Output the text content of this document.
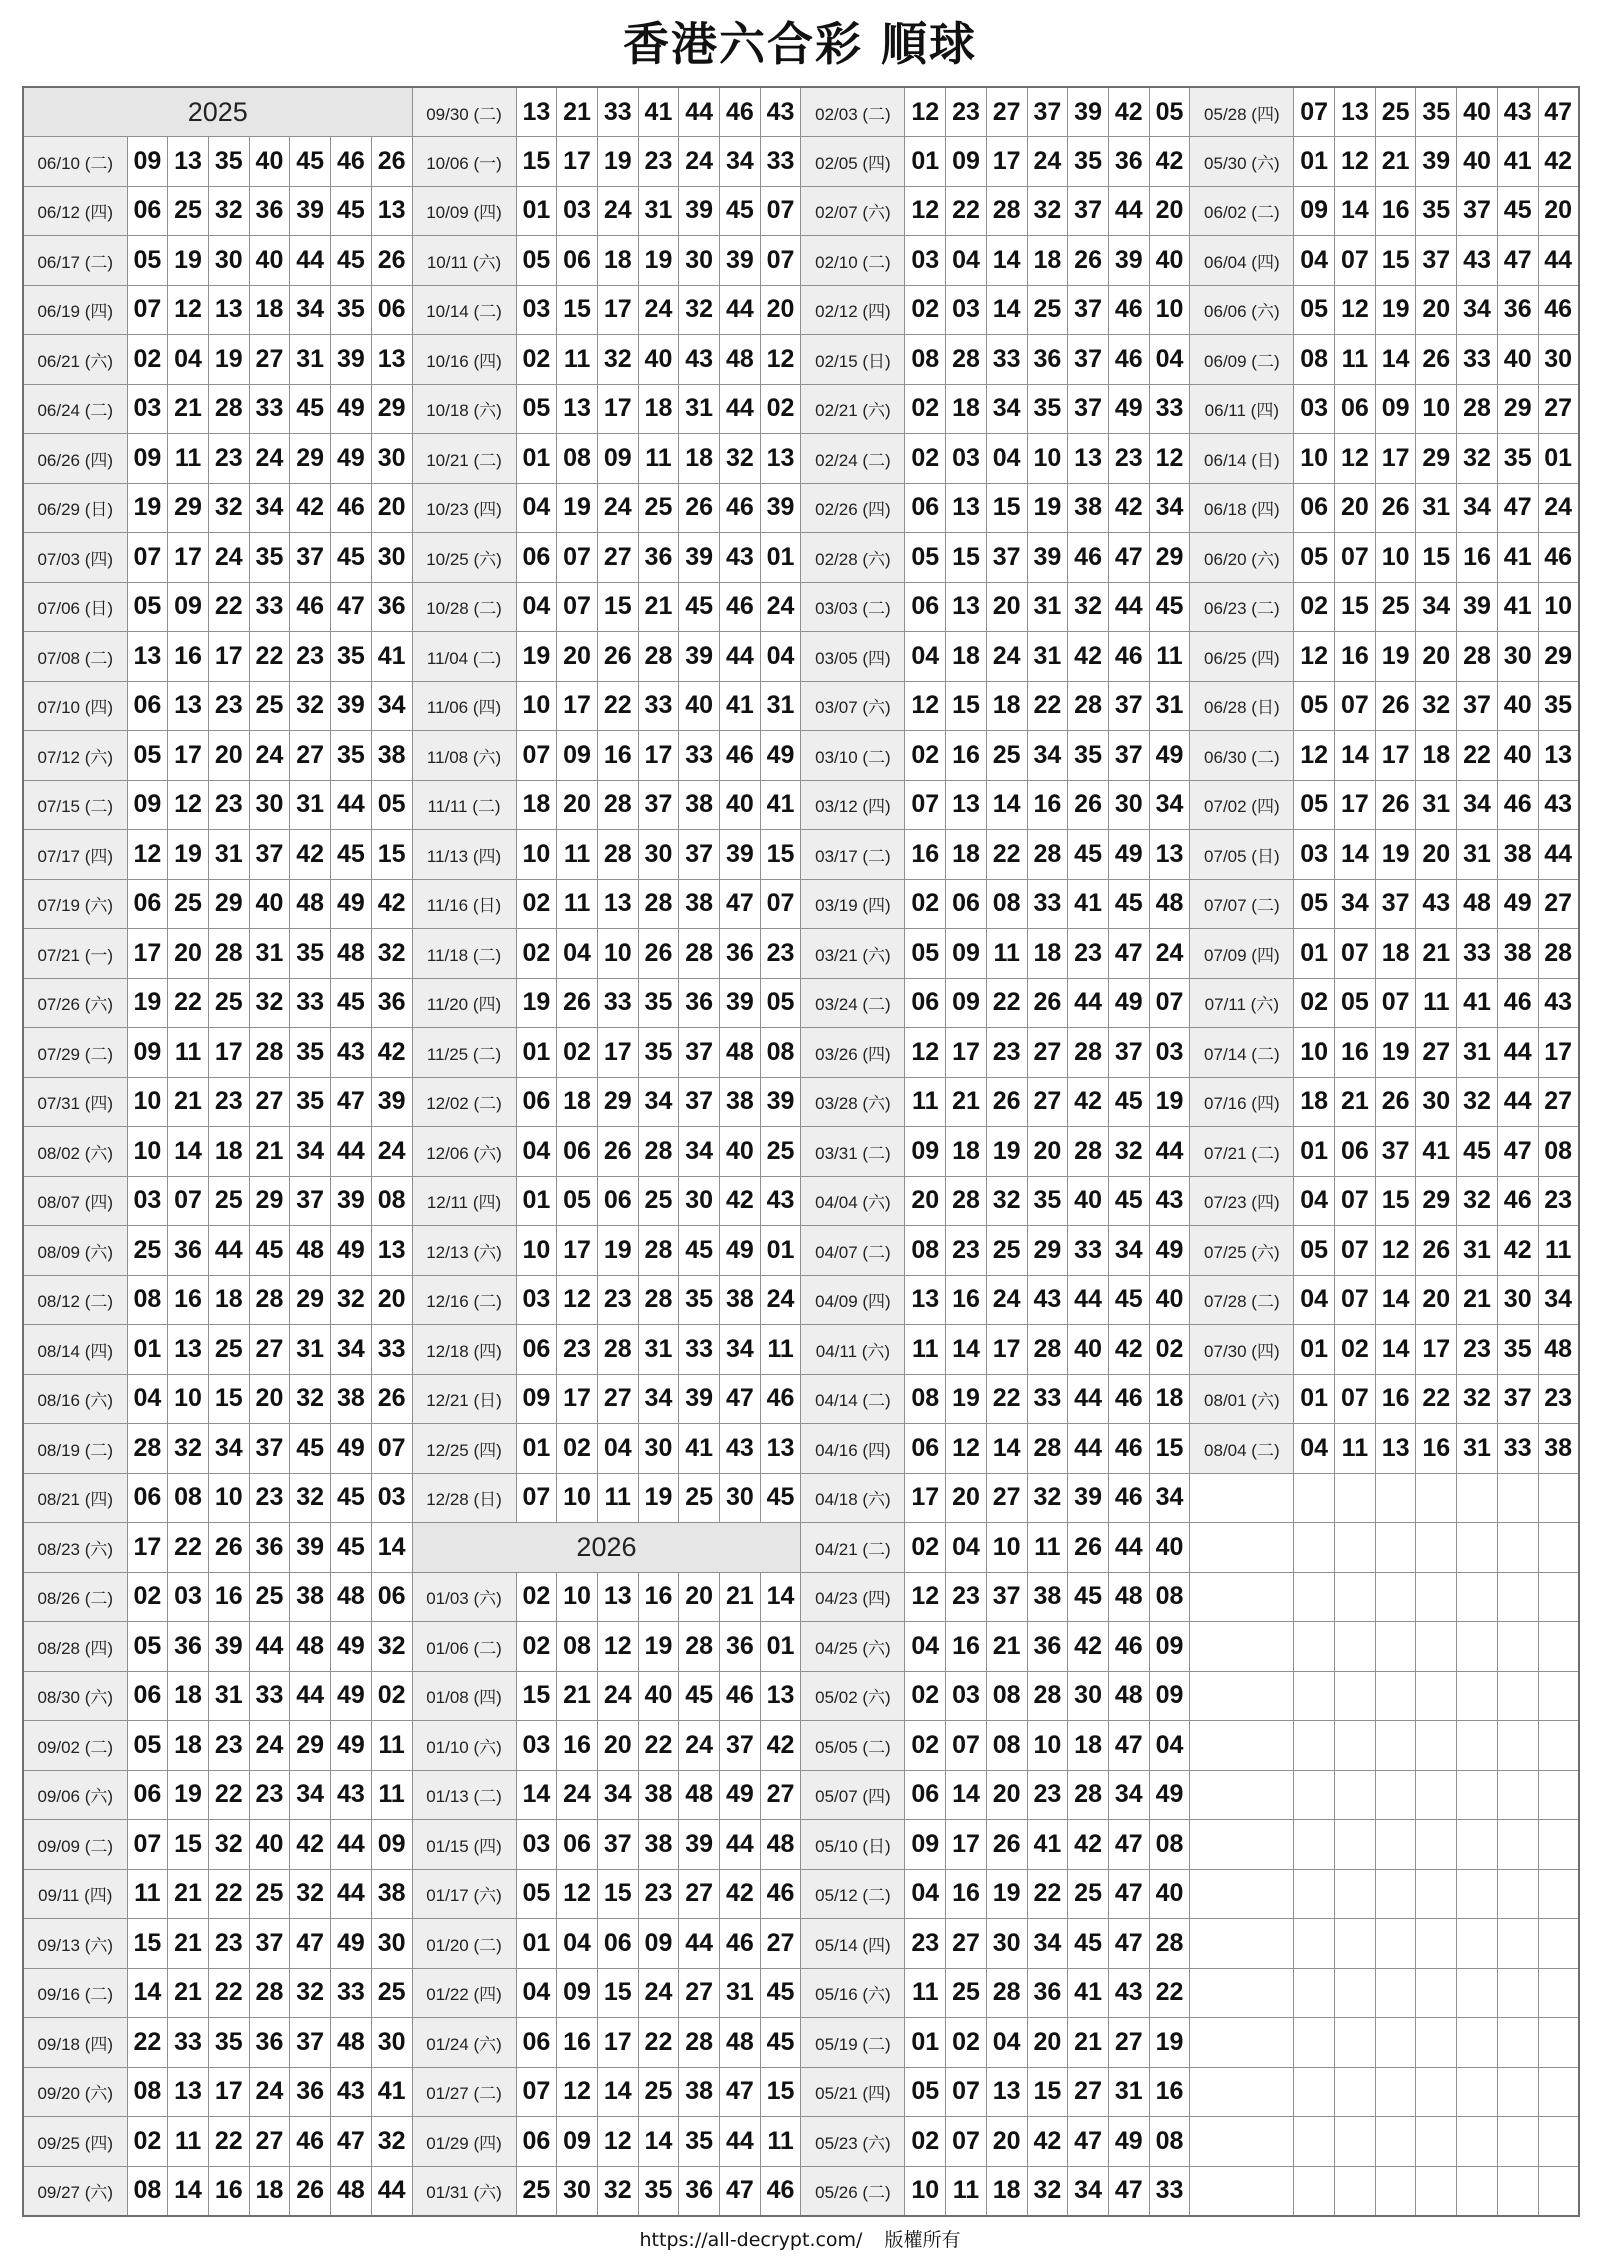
香港六合彩 順球
2025								09/30 (二)	13	21	33	41	44	46	43	02/03 (二)	12	23	27	37	39	42	05	05/28 (四)	07	13	25	35	40	43	47
06/10 (二)	09	13	35	40	45	46	26	10/06 (一)	15	17	19	23	24	34	33	02/05 (四)	01	09	17	24	35	36	42	05/30 (六)	01	12	21	39	40	41	42
06/12 (四)	06	25	32	36	39	45	13	10/09 (四)	01	03	24	31	39	45	07	02/07 (六)	12	22	28	32	37	44	20	06/02 (二)	09	14	16	35	37	45	20
06/17 (二)	05	19	30	40	44	45	26	10/11 (六)	05	06	18	19	30	39	07	02/10 (二)	03	04	14	18	26	39	40	06/04 (四)	04	07	15	37	43	47	44
06/19 (四)	07	12	13	18	34	35	06	10/14 (二)	03	15	17	24	32	44	20	02/12 (四)	02	03	14	25	37	46	10	06/06 (六)	05	12	19	20	34	36	46
06/21 (六)	02	04	19	27	31	39	13	10/16 (四)	02	11	32	40	43	48	12	02/15 (日)	08	28	33	36	37	46	04	06/09 (二)	08	11	14	26	33	40	30
06/24 (二)	03	21	28	33	45	49	29	10/18 (六)	05	13	17	18	31	44	02	02/21 (六)	02	18	34	35	37	49	33	06/11 (四)	03	06	09	10	28	29	27
06/26 (四)	09	11	23	24	29	49	30	10/21 (二)	01	08	09	11	18	32	13	02/24 (二)	02	03	04	10	13	23	12	06/14 (日)	10	12	17	29	32	35	01
06/29 (日)	19	29	32	34	42	46	20	10/23 (四)	04	19	24	25	26	46	39	02/26 (四)	06	13	15	19	38	42	34	06/18 (四)	06	20	26	31	34	47	24
07/03 (四)	07	17	24	35	37	45	30	10/25 (六)	06	07	27	36	39	43	01	02/28 (六)	05	15	37	39	46	47	29	06/20 (六)	05	07	10	15	16	41	46
07/06 (日)	05	09	22	33	46	47	36	10/28 (二)	04	07	15	21	45	46	24	03/03 (二)	06	13	20	31	32	44	45	06/23 (二)	02	15	25	34	39	41	10
07/08 (二)	13	16	17	22	23	35	41	11/04 (二)	19	20	26	28	39	44	04	03/05 (四)	04	18	24	31	42	46	11	06/25 (四)	12	16	19	20	28	30	29
07/10 (四)	06	13	23	25	32	39	34	11/06 (四)	10	17	22	33	40	41	31	03/07 (六)	12	15	18	22	28	37	31	06/28 (日)	05	07	26	32	37	40	35
07/12 (六)	05	17	20	24	27	35	38	11/08 (六)	07	09	16	17	33	46	49	03/10 (二)	02	16	25	34	35	37	49	06/30 (二)	12	14	17	18	22	40	13
07/15 (二)	09	12	23	30	31	44	05	11/11 (二)	18	20	28	37	38	40	41	03/12 (四)	07	13	14	16	26	30	34	07/02 (四)	05	17	26	31	34	46	43
07/17 (四)	12	19	31	37	42	45	15	11/13 (四)	10	11	28	30	37	39	15	03/17 (二)	16	18	22	28	45	49	13	07/05 (日)	03	14	19	20	31	38	44
07/19 (六)	06	25	29	40	48	49	42	11/16 (日)	02	11	13	28	38	47	07	03/19 (四)	02	06	08	33	41	45	48	07/07 (二)	05	34	37	43	48	49	27
07/21 (一)	17	20	28	31	35	48	32	11/18 (二)	02	04	10	26	28	36	23	03/21 (六)	05	09	11	18	23	47	24	07/09 (四)	01	07	18	21	33	38	28
07/26 (六)	19	22	25	32	33	45	36	11/20 (四)	19	26	33	35	36	39	05	03/24 (二)	06	09	22	26	44	49	07	07/11 (六)	02	05	07	11	41	46	43
07/29 (二)	09	11	17	28	35	43	42	11/25 (二)	01	02	17	35	37	48	08	03/26 (四)	12	17	23	27	28	37	03	07/14 (二)	10	16	19	27	31	44	17
07/31 (四)	10	21	23	27	35	47	39	12/02 (二)	06	18	29	34	37	38	39	03/28 (六)	11	21	26	27	42	45	19	07/16 (四)	18	21	26	30	32	44	27
08/02 (六)	10	14	18	21	34	44	24	12/06 (六)	04	06	26	28	34	40	25	03/31 (二)	09	18	19	20	28	32	44	07/21 (二)	01	06	37	41	45	47	08
08/07 (四)	03	07	25	29	37	39	08	12/11 (四)	01	05	06	25	30	42	43	04/04 (六)	20	28	32	35	40	45	43	07/23 (四)	04	07	15	29	32	46	23
08/09 (六)	25	36	44	45	48	49	13	12/13 (六)	10	17	19	28	45	49	01	04/07 (二)	08	23	25	29	33	34	49	07/25 (六)	05	07	12	26	31	42	11
08/12 (二)	08	16	18	28	29	32	20	12/16 (二)	03	12	23	28	35	38	24	04/09 (四)	13	16	24	43	44	45	40	07/28 (二)	04	07	14	20	21	30	34
08/14 (四)	01	13	25	27	31	34	33	12/18 (四)	06	23	28	31	33	34	11	04/11 (六)	11	14	17	28	40	42	02	07/30 (四)	01	02	14	17	23	35	48
08/16 (六)	04	10	15	20	32	38	26	12/21 (日)	09	17	27	34	39	47	46	04/14 (二)	08	19	22	33	44	46	18	08/01 (六)	01	07	16	22	32	37	23
08/19 (二)	28	32	34	37	45	49	07	12/25 (四)	01	02	04	30	41	43	13	04/16 (四)	06	12	14	28	44	46	15	08/04 (二)	04	11	13	16	31	33	38
08/21 (四)	06	08	10	23	32	45	03	12/28 (日)	07	10	11	19	25	30	45	04/18 (六)	17	20	27	32	39	46	34								
08/23 (六)	17	22	26	36	39	45	14	2026								04/21 (二)	02	04	10	11	26	44	40								
08/26 (二)	02	03	16	25	38	48	06	01/03 (六)	02	10	13	16	20	21	14	04/23 (四)	12	23	37	38	45	48	08								
08/28 (四)	05	36	39	44	48	49	32	01/06 (二)	02	08	12	19	28	36	01	04/25 (六)	04	16	21	36	42	46	09								
08/30 (六)	06	18	31	33	44	49	02	01/08 (四)	15	21	24	40	45	46	13	05/02 (六)	02	03	08	28	30	48	09								
09/02 (二)	05	18	23	24	29	49	11	01/10 (六)	03	16	20	22	24	37	42	05/05 (二)	02	07	08	10	18	47	04								
09/06 (六)	06	19	22	23	34	43	11	01/13 (二)	14	24	34	38	48	49	27	05/07 (四)	06	14	20	23	28	34	49								
09/09 (二)	07	15	32	40	42	44	09	01/15 (四)	03	06	37	38	39	44	48	05/10 (日)	09	17	26	41	42	47	08								
09/11 (四)	11	21	22	25	32	44	38	01/17 (六)	05	12	15	23	27	42	46	05/12 (二)	04	16	19	22	25	47	40								
09/13 (六)	15	21	23	37	47	49	30	01/20 (二)	01	04	06	09	44	46	27	05/14 (四)	23	27	30	34	45	47	28								
09/16 (二)	14	21	22	28	32	33	25	01/22 (四)	04	09	15	24	27	31	45	05/16 (六)	11	25	28	36	41	43	22								
09/18 (四)	22	33	35	36	37	48	30	01/24 (六)	06	16	17	22	28	48	45	05/19 (二)	01	02	04	20	21	27	19								
09/20 (六)	08	13	17	24	36	43	41	01/27 (二)	07	12	14	25	38	47	15	05/21 (四)	05	07	13	15	27	31	16								
09/25 (四)	02	11	22	27	46	47	32	01/29 (四)	06	09	12	14	35	44	11	05/23 (六)	02	07	20	42	47	49	08								
09/27 (六)	08	14	16	18	26	48	44	01/31 (六)	25	30	32	35	36	47	46	05/26 (二)	10	11	18	32	34	47	33								
https://all-decrypt.com/ 版權所有
